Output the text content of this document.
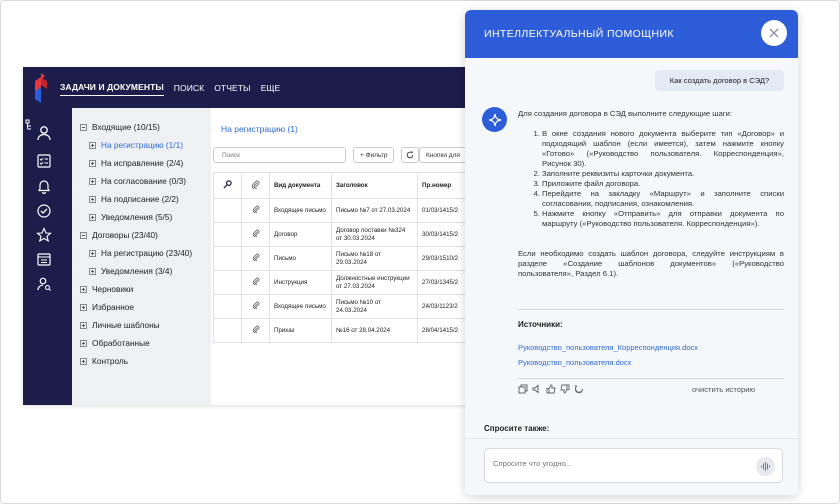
ЗАДАЧИ И ДОКУМЕНТЫ ПОИСК ОТЧЕТЫ ЕЩЕ
Входящие (10/15)
На регистрацию (1/1)
На исправление (2/4)
На согласование (0/3)
На подписание (2/2)
Уведомления (5/5)
Договоры (23/40)
На регистрацию (23/40)
Уведомления (3/4)
Черновики
Избранное
Личные шаблоны
Обработанные
Контроль
На регистрацию (1)
Поиск	+ Фильтр	Кнопки для
		Вид документа	Заголовок	Пр.номер
		Входящее письмо	Письмо №7 от 27.03.2024	01/03/1415/2
		Договор	Договор поставки №324 от 30.03.2024	30/03/1415/2
		Письмо	Письмо №18 от 29.03.2024	29/03/1510/2
		Инструкция	Должностные инструкции от 27.03.2024	27/03/1345/2
		Входящее письмо	Письмо №10 от 24.03.2024	24/03/1123/2
		Приказ	№16 от 28.04.2024	28/04/1415/2
ИНТЕЛЛЕКТУАЛЬНЫЙ ПОМОЩНИК
Как создать договор в СЭД?

Для создания договора в СЭД выполните следующие шаги:

1. В окне создания нового документа выберите тип «Договор» и подходящий шаблон (если имеется), затем нажмите кнопку «Готово» («Руководство пользователя. Корреспонденция», Рисунок 30).
2. Заполните реквизиты карточки документа.
3. Приложите файл договора.
4. Перейдите на закладку «Маршрут» и заполните списки согласования, подписания, ознакомления.
5. Нажмите кнопку «Отправить» для отправки документа по маршруту («Руководство пользователя. Корреспонденция»).

Если необходимо создать шаблон договора, следуйте инструкциям в разделе «Создание шаблонов документов» («Руководство пользователя», Раздел 6.1).

Источники:
Руководство_пользователя_Корреспонденция.docx
Руководство_пользователя.docx
очистить историю
Спросите также:
Спросите что угодно...
